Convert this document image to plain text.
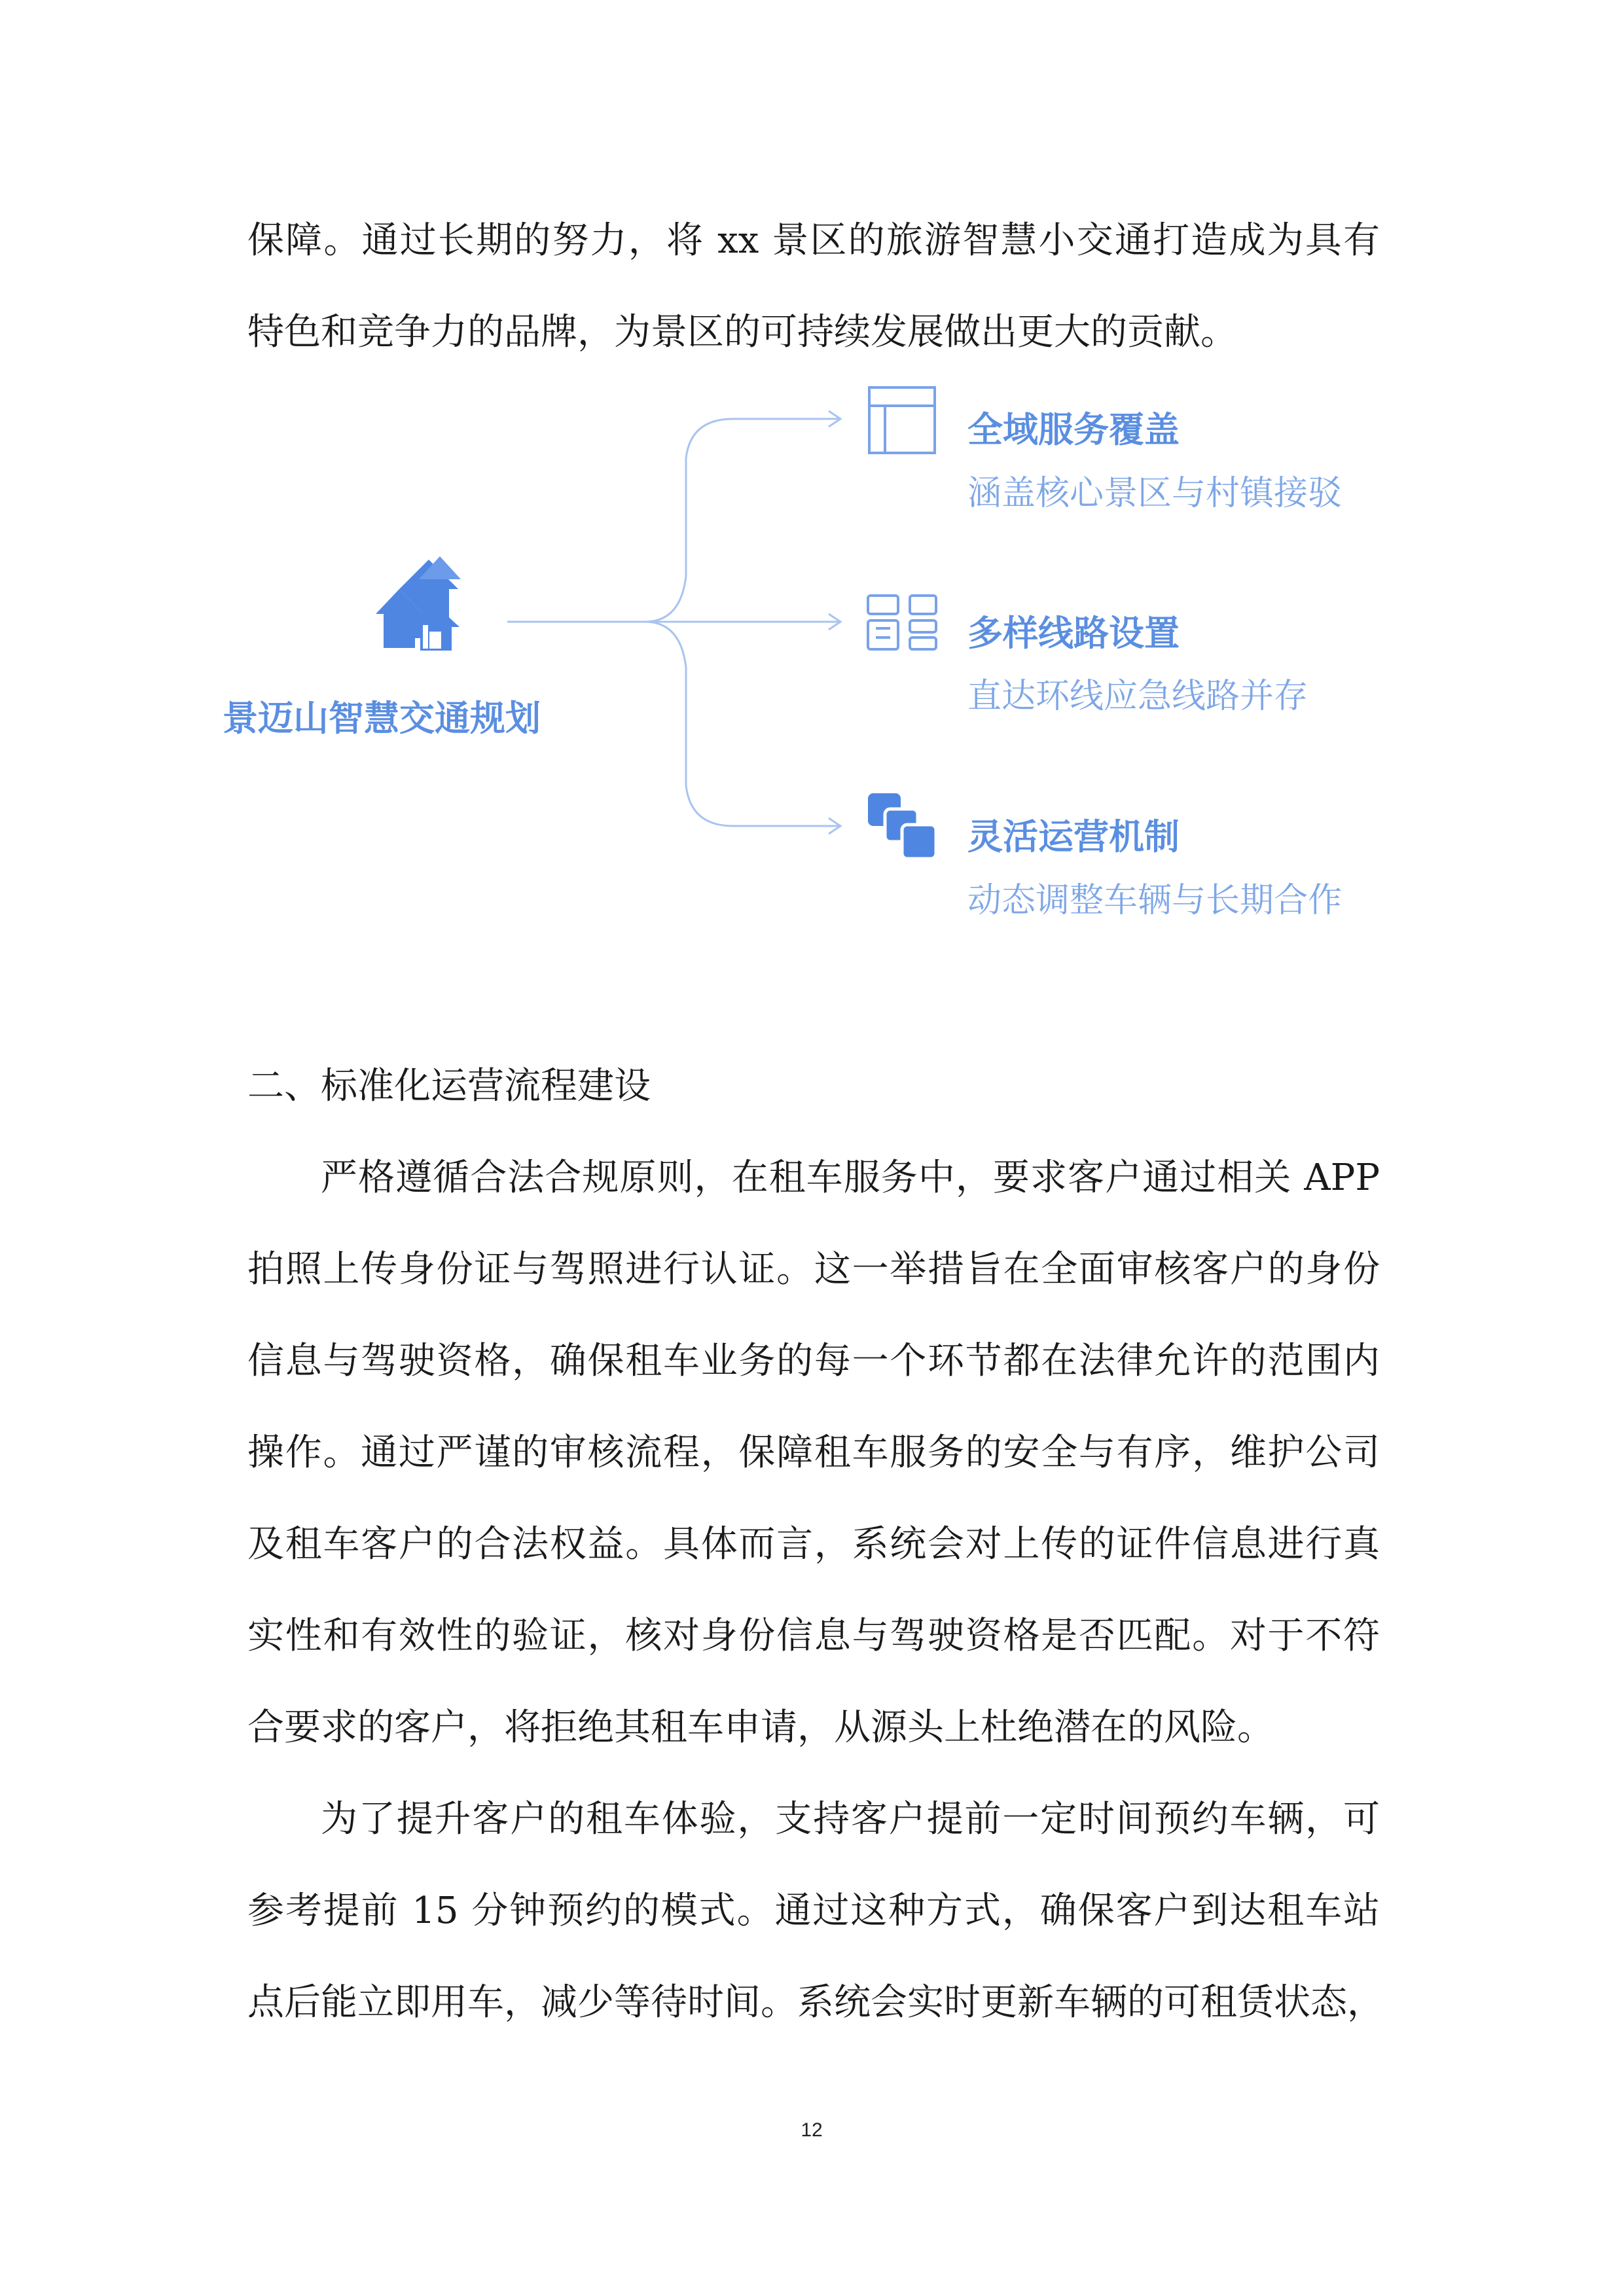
保障。通过长期的努力，将 xx 景区的旅游智慧小交通打造成为具有
特色和竞争力的品牌，为景区的可持续发展做出更大的贡献。
景迈山智慧交通规划
全域服务覆盖
涵盖核心景区与村镇接驳
多样线路设置
直达环线应急线路并存
灵活运营机制
动态调整车辆与长期合作
二、标准化运营流程建设
严格遵循合法合规原则，在租车服务中，要求客户通过相关 APP
拍照上传身份证与驾照进行认证。这一举措旨在全面审核客户的身份
信息与驾驶资格，确保租车业务的每一个环节都在法律允许的范围内
操作。通过严谨的审核流程，保障租车服务的安全与有序，维护公司
及租车客户的合法权益。具体而言，系统会对上传的证件信息进行真
实性和有效性的验证，核对身份信息与驾驶资格是否匹配。对于不符
合要求的客户，将拒绝其租车申请，从源头上杜绝潜在的风险。
为了提升客户的租车体验，支持客户提前一定时间预约车辆，可
参考提前 15 分钟预约的模式。通过这种方式，确保客户到达租车站
点后能立即用车，减少等待时间。系统会实时更新车辆的可租赁状态，
12
